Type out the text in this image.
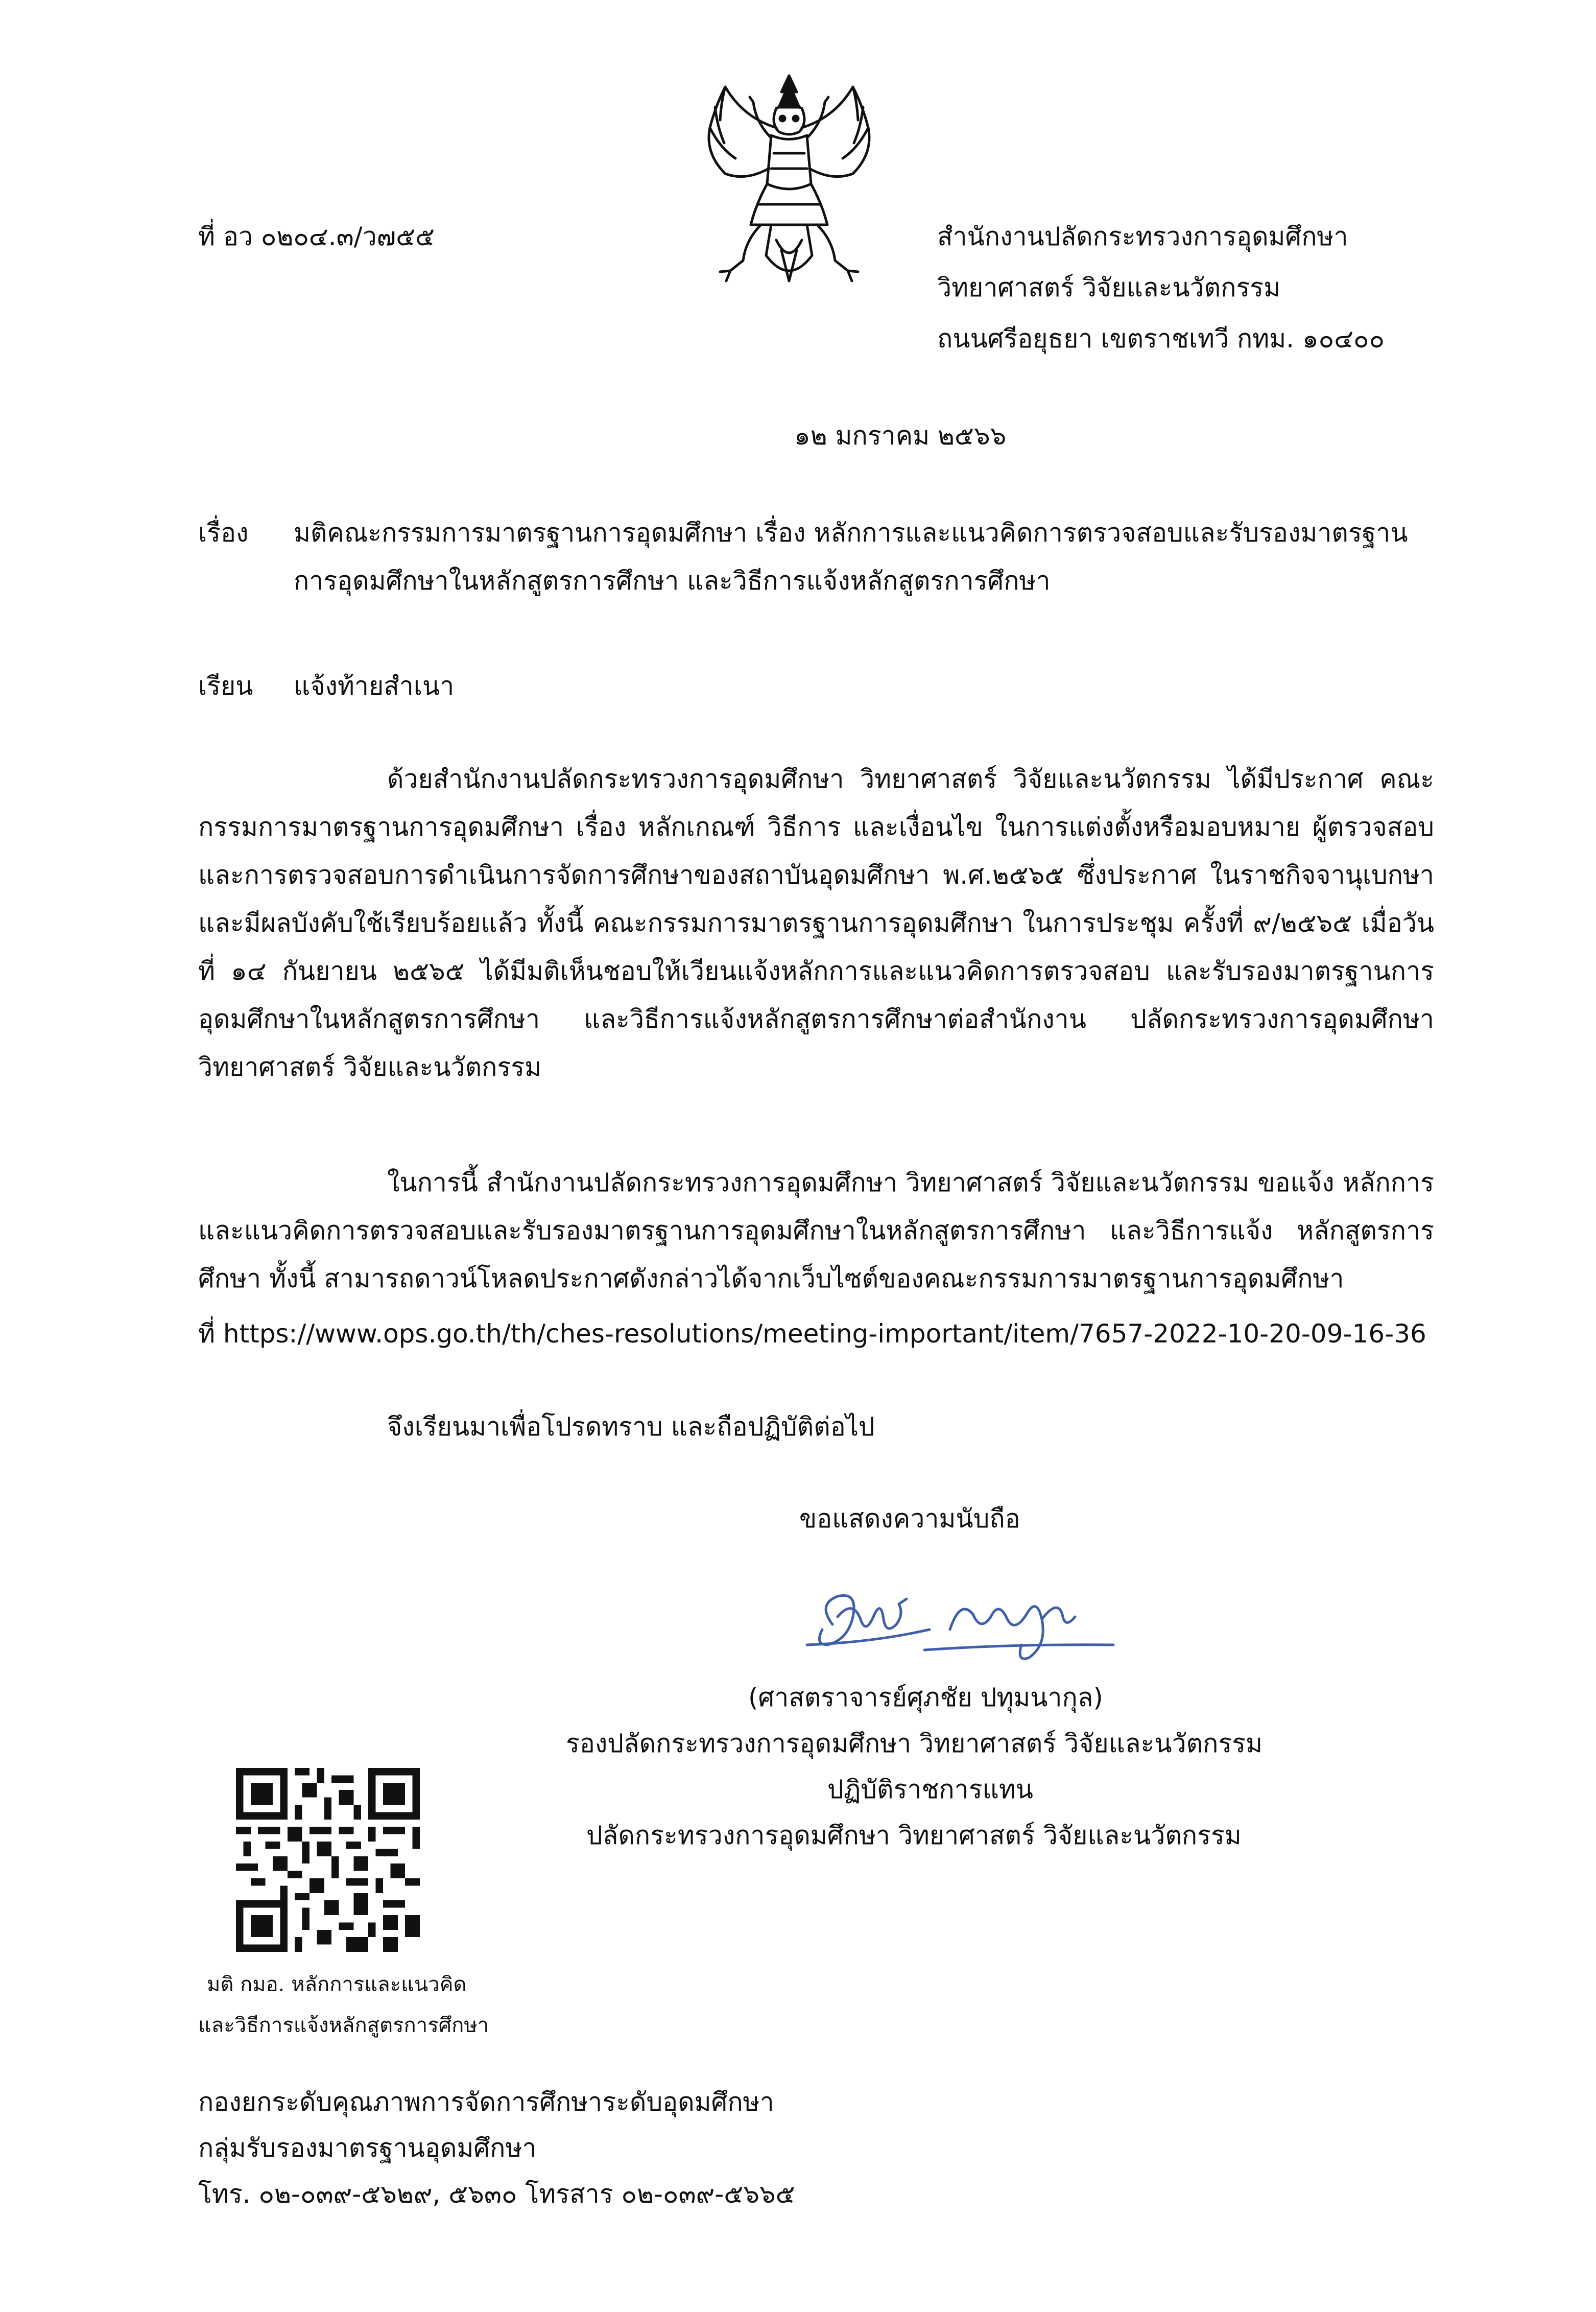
ที่ อว ๐๒๐๔.๓/ว๗๕๕	สำนักงานปลัดกระทรวงการอุดมศึกษา
วิทยาศาสตร์ วิจัยและนวัตกรรม
ถนนศรีอยุธยา เขตราชเทวี กทม. ๑๐๔๐๐
๑๒ มกราคม ๒๕๖๖
เรื่อง มติคณะกรรมการมาตรฐานการอุดมศึกษา เรื่อง หลักการและแนวคิดการตรวจสอบและรับรองมาตรฐาน
การอุดมศึกษาในหลักสูตรการศึกษา และวิธีการแจ้งหลักสูตรการศึกษา
เรียน แจ้งท้ายสำเนา

ด้วยสำนักงานปลัดกระทรวงการอุดมศึกษา วิทยาศาสตร์ วิจัยและนวัตกรรม ได้มีประกาศ คณะกรรมการมาตรฐานการอุดมศึกษา เรื่อง หลักเกณฑ์ วิธีการ และเงื่อนไข ในการแต่งตั้งหรือมอบหมาย ผู้ตรวจสอบและการตรวจสอบการดำเนินการจัดการศึกษาของสถาบันอุดมศึกษา พ.ศ.๒๕๖๕ ซึ่งประกาศ ในราชกิจจานุเบกษาและมีผลบังคับใช้เรียบร้อยแล้ว ทั้งนี้ คณะกรรมการมาตรฐานการอุดมศึกษา ในการประชุม ครั้งที่ ๙/๒๕๖๕ เมื่อวันที่ ๑๔ กันยายน ๒๕๖๕ ได้มีมติเห็นชอบให้เวียนแจ้งหลักการและแนวคิดการตรวจสอบ และรับรองมาตรฐานการอุดมศึกษาในหลักสูตรการศึกษา และวิธีการแจ้งหลักสูตรการศึกษาต่อสำนักงาน ปลัดกระทรวงการอุดมศึกษา วิทยาศาสตร์ วิจัยและนวัตกรรม

ในการนี้ สำนักงานปลัดกระทรวงการอุดมศึกษา วิทยาศาสตร์ วิจัยและนวัตกรรม ขอแจ้ง หลักการและแนวคิดการตรวจสอบและรับรองมาตรฐานการอุดมศึกษาในหลักสูตรการศึกษา และวิธีการแจ้ง หลักสูตรการศึกษา ทั้งนี้ สามารถดาวน์โหลดประกาศดังกล่าวได้จากเว็บไซต์ของคณะกรรมการมาตรฐานการอุดมศึกษา

ที่ https://www.ops.go.th/th/ches-resolutions/meeting-important/item/7657-2022-10-20-09-16-36
จึงเรียนมาเพื่อโปรดทราบ และถือปฏิบัติต่อไป
ขอแสดงความนับถือ
(ศาสตราจารย์ศุภชัย ปทุมนากุล)
รองปลัดกระทรวงการอุดมศึกษา วิทยาศาสตร์ วิจัยและนวัตกรรม
ปฏิบัติราชการแทน
ปลัดกระทรวงการอุดมศึกษา วิทยาศาสตร์ วิจัยและนวัตกรรม
มติ กมอ. หลักการและแนวคิด
และวิธีการแจ้งหลักสูตรการศึกษา
กองยกระดับคุณภาพการจัดการศึกษาระดับอุดมศึกษา
กลุ่มรับรองมาตรฐานอุดมศึกษา
โทร. ๐๒-๐๓๙-๕๖๒๙, ๕๖๓๐ โทรสาร ๐๒-๐๓๙-๕๖๖๕
